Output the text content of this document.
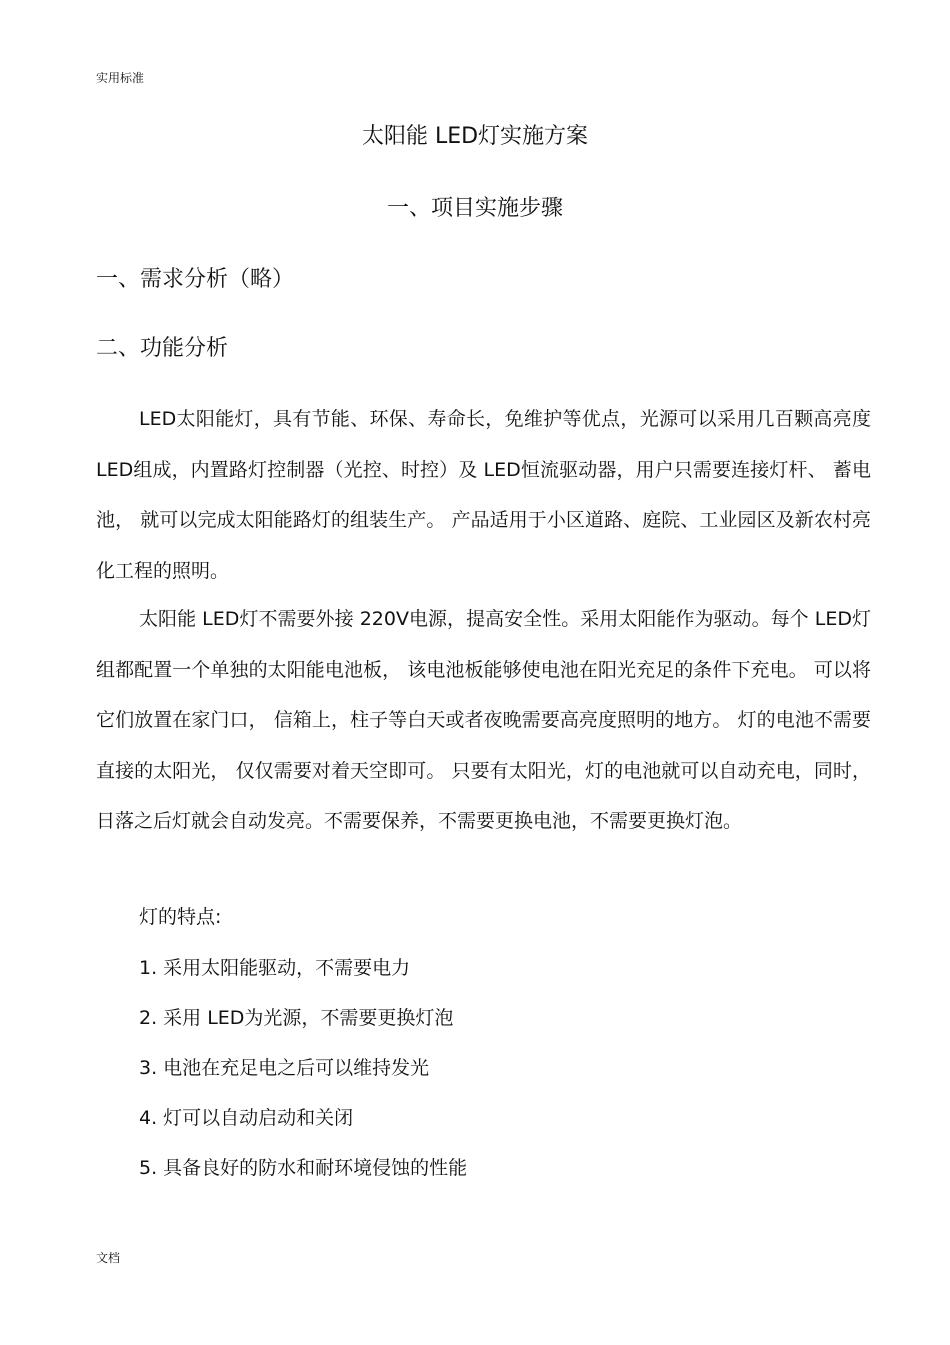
实用标准
太阳能 LED灯实施方案
一、项目实施步骤
一、需求分析（略）
二、功能分析

LED太阳能灯，具有节能、环保、寿命长，免维护等优点，光源可以采用几百颗高亮度 LED组成，内置路灯控制器（光控、时控）及 LED恒流驱动器，用户只需要连接灯杆、 蓄电池， 就可以完成太阳能路灯的组装生产。 产品适用于小区道路、庭院、工业园区及新农村亮化工程的照明。

太阳能 LED灯不需要外接 220V电源，提高安全性。采用太阳能作为驱动。每个 LED灯组都配置一个单独的太阳能电池板， 该电池板能够使电池在阳光充足的条件下充电。 可以将它们放置在家门口， 信箱上，柱子等白天或者夜晚需要高亮度照明的地方。 灯的电池不需要直接的太阳光， 仅仅需要对着天空即可。 只要有太阳光，灯的电池就可以自动充电，同时，日落之后灯就会自动发亮。不需要保养，不需要更换电池，不需要更换灯泡。

灯的特点:
1. 采用太阳能驱动，不需要电力
2. 采用 LED为光源，不需要更换灯泡
3. 电池在充足电之后可以维持发光
4. 灯可以自动启动和关闭
5. 具备良好的防水和耐环境侵蚀的性能
文档
